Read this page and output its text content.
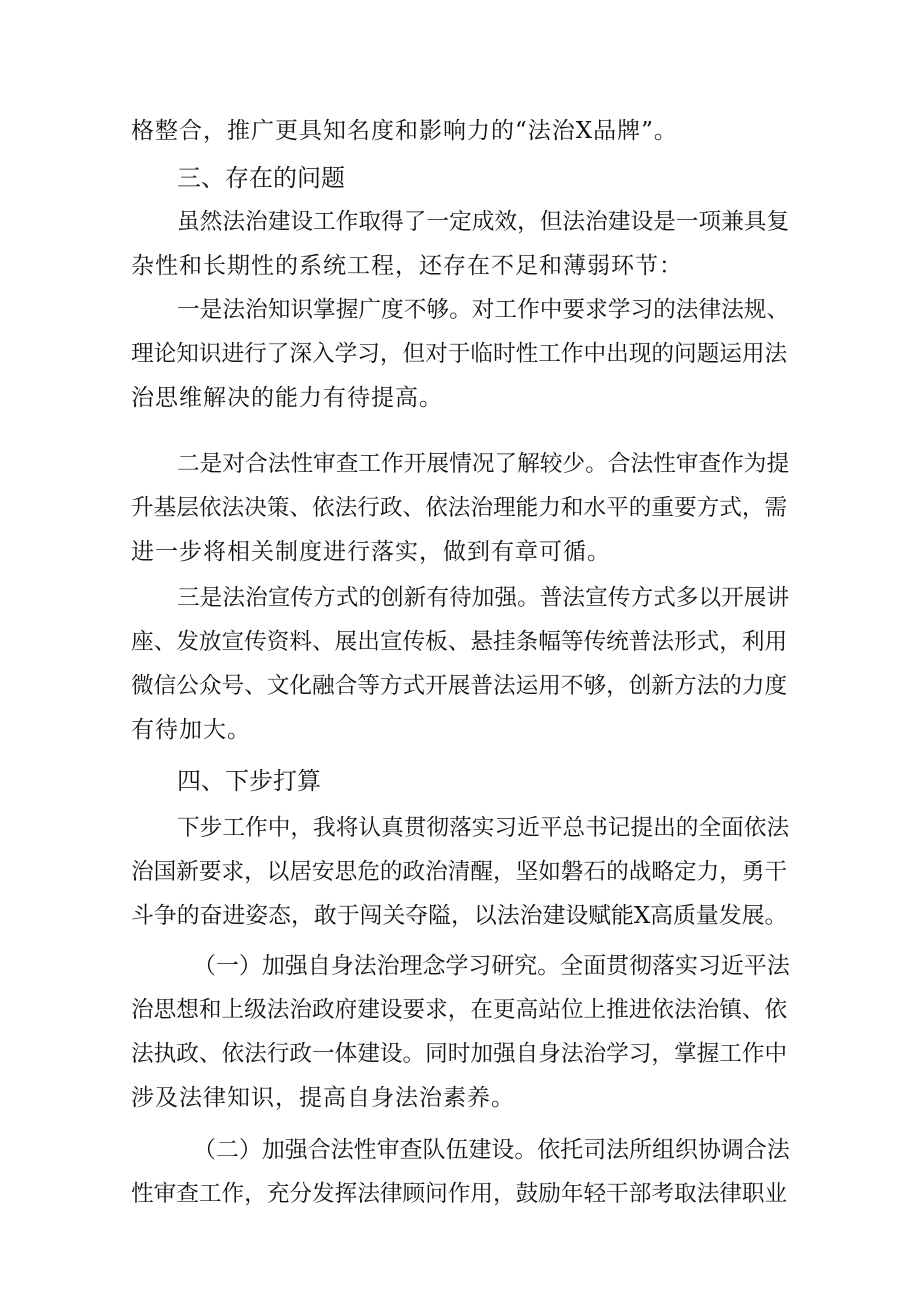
格整合，推广更具知名度和影响力的“法治X品牌”。
三、存在的问题
虽然法治建设工作取得了一定成效，但法治建设是一项兼具复
杂性和长期性的系统工程，还存在不足和薄弱环节：
一是法治知识掌握广度不够。对工作中要求学习的法律法规、
理论知识进行了深入学习，但对于临时性工作中出现的问题运用法
治思维解决的能力有待提高。
二是对合法性审查工作开展情况了解较少。合法性审查作为提
升基层依法决策、依法行政、依法治理能力和水平的重要方式，需
进一步将相关制度进行落实，做到有章可循。
三是法治宣传方式的创新有待加强。普法宣传方式多以开展讲
座、发放宣传资料、展出宣传板、悬挂条幅等传统普法形式，利用
微信公众号、文化融合等方式开展普法运用不够，创新方法的力度
有待加大。
四、下步打算
下步工作中，我将认真贯彻落实习近平总书记提出的全面依法
治国新要求，以居安思危的政治清醒，坚如磐石的战略定力，勇干
斗争的奋进姿态，敢于闯关夺隘，以法治建设赋能X高质量发展。
（一）加强自身法治理念学习研究。全面贯彻落实习近平法
治思想和上级法治政府建设要求，在更高站位上推进依法治镇、依
法执政、依法行政一体建设。同时加强自身法治学习，掌握工作中
涉及法律知识，提高自身法治素养。
（二）加强合法性审查队伍建设。依托司法所组织协调合法
性审查工作，充分发挥法律顾问作用，鼓励年轻干部考取法律职业
